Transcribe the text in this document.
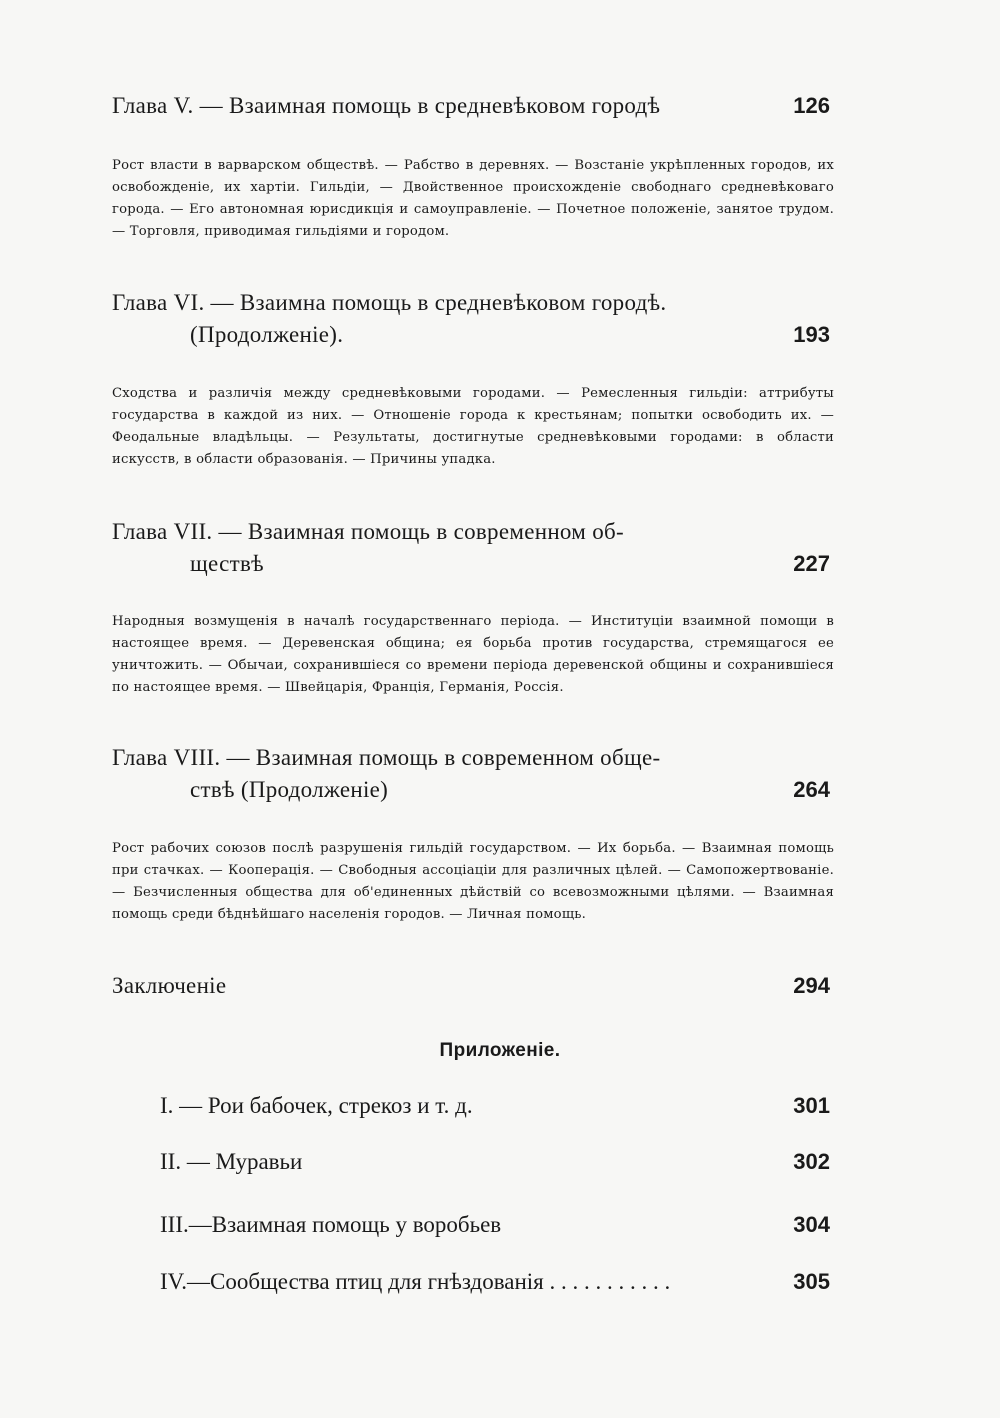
Глава V. — Взаимная помощь в средневѣковом городѣ	126
Рост власти в варварском обществѣ. — Рабство в деревнях. — Возстаніе укрѣпленных городов, их освобожденіе, их хартіи. Гильдіи, — Двойственное происхожденіе свободнаго средневѣковаго города. — Его автономная юрисдикція и самоуправленіе. — Почетное положеніе, занятое трудом. — Торговля, приводимая гильдіями и городом.
Глава VI. — Взаимна помощь в средневѣковом городѣ.
(Продолженіе).	193
Сходства и различія между средневѣковыми городами. — Ремесленныя гильдіи: аттрибуты государства в каждой из них. — Отношеніе города к крестьянам; попытки освободить их. — Феодальные владѣльцы. — Результаты, достигнутые средневѣковыми городами: в области искусств, в области образованія. — Причины упадка.
Глава VII. — Взаимная помощь в современном об-
ществѣ	227
Народныя возмущенія в началѣ государственнаго періода. — Институціи взаимной помощи в настоящее время. — Деревенская община; ея борьба против государства, стремящагося ее уничтожить. — Обычаи, сохранившіеся со времени періода деревенской общины и сохранившіеся по настоящее время. — Швейцарія, Франція, Германія, Россія.
Глава VIII. — Взаимная помощь в современном обще-
ствѣ (Продолженіе)	264
Рост рабочих союзов послѣ разрушенія гильдій государством. — Их борьба. — Взаимная помощь при стачках. — Кооперація. — Свободныя ассоціаціи для различных цѣлей. — Самопожертвованіе. — Безчисленныя общества для об'единенных дѣйствій со всевозможными цѣлями. — Взаимная помощь среди бѣднѣйшаго населенія городов. — Личная помощь.
Заключеніе	294
Приложеніе.
I. — Рои бабочек, стрекоз и т. д.	301
II. — Муравьи	302
III.—Взаимная помощь у воробьев	304
IV.—Сообщества птиц для гнѣздованія . . . . . . . . . . .	305
